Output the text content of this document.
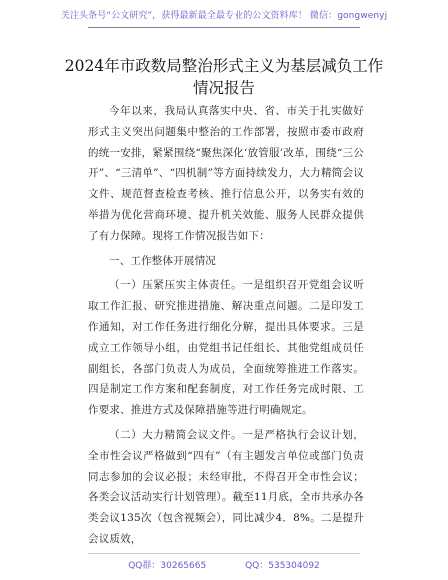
关注头条号“公文研究”，获得最新最全最专业的公文资料库！ 微信：gongwenyj
2024年市政数局整治形式主义为基层减负工作
情况报告

今年以来，我局认真落实中央、省、市关于扎实做好形式主义突出问题集中整治的工作部署，按照市委市政府的统一安排，紧紧围绕“聚焦深化‘放管服’改革，围绕“三公开”、“三清单”、“四机制”等方面持续发力，大力精简会议文件、规范督查检查考核、推行信息公开，以务实有效的举措为优化营商环境、提升机关效能、服务人民群众提供了有力保障。现将工作情况报告如下：

一、工作整体开展情况

（一）压紧压实主体责任。一是组织召开党组会议听取工作汇报、研究推进措施、解决重点问题。二是印发工作通知，对工作任务进行细化分解，提出具体要求。三是成立工作领导小组，由党组书记任组长、其他党组成员任副组长，各部门负责人为成员，全面统筹推进工作落实。四是制定工作方案和配套制度，对工作任务完成时限、工作要求、推进方式及保障措施等进行明确规定。

（二）大力精简会议文件。一是严格执行会议计划，全市性会议严格做到“四有”（有主题发言单位或部门负责同志参加的会议必报；未经审批，不得召开全市性会议；各类会议活动实行计划管理）。截至11月底，全市共承办各类会议135次（包含视频会），同比减少4．8%。二是提升会议质效，

QQ群：30265665	QQ：535304092
